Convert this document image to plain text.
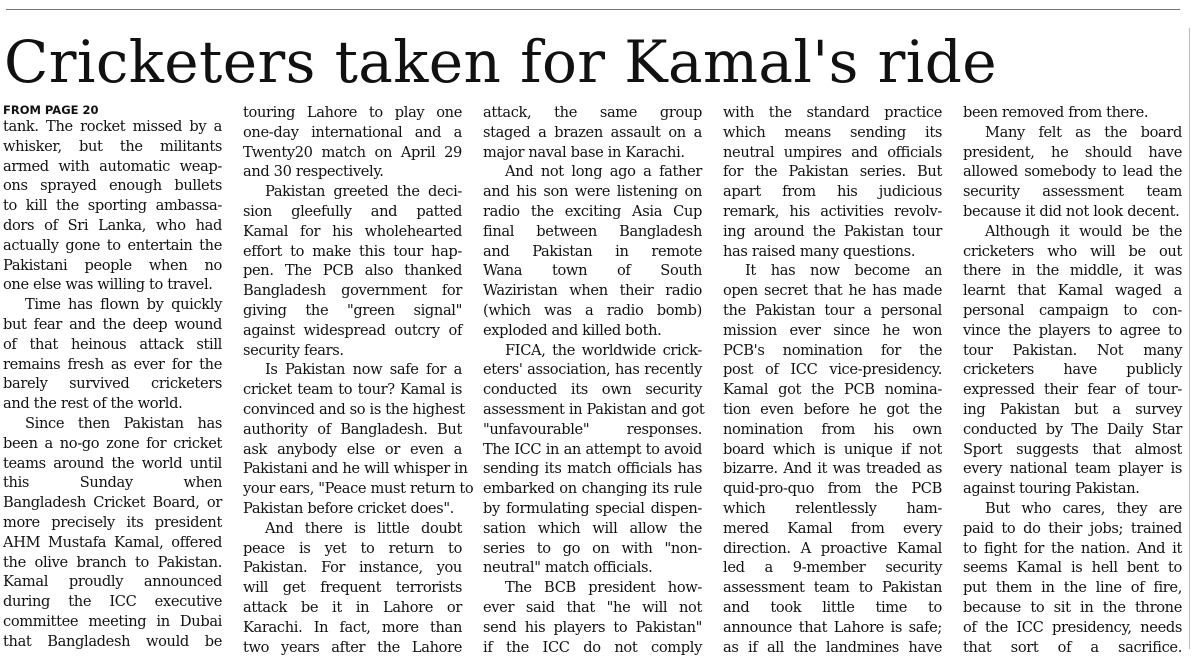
Cricketers taken for Kamal's ride
FROM PAGE 20
tank. The rocket missed by a
whisker, but the militants
armed with automatic weap-
ons sprayed enough bullets
to kill the sporting ambassa-
dors of Sri Lanka, who had
actually gone to entertain the
Pakistani people when no
one else was willing to travel.
Time has flown by quickly
but fear and the deep wound
of that heinous attack still
remains fresh as ever for the
barely survived cricketers
and the rest of the world.
Since then Pakistan has
been a no-go zone for cricket
teams around the world until
this Sunday when
Bangladesh Cricket Board, or
more precisely its president
AHM Mustafa Kamal, offered
the olive branch to Pakistan.
Kamal proudly announced
during the ICC executive
committee meeting in Dubai
that Bangladesh would be
touring Lahore to play one
one-day international and a
Twenty20 match on April 29
and 30 respectively.
Pakistan greeted the deci-
sion gleefully and patted
Kamal for his wholehearted
effort to make this tour hap-
pen. The PCB also thanked
Bangladesh government for
giving the "green signal"
against widespread outcry of
security fears.
Is Pakistan now safe for a
cricket team to tour? Kamal is
convinced and so is the highest
authority of Bangladesh. But
ask anybody else or even a
Pakistani and he will whisper in
your ears, "Peace must return to
Pakistan before cricket does".
And there is little doubt
peace is yet to return to
Pakistan. For instance, you
will get frequent terrorists
attack be it in Lahore or
Karachi. In fact, more than
two years after the Lahore
attack, the same group
staged a brazen assault on a
major naval base in Karachi.
And not long ago a father
and his son were listening on
radio the exciting Asia Cup
final between Bangladesh
and Pakistan in remote
Wana town of South
Waziristan when their radio
(which was a radio bomb)
exploded and killed both.
FICA, the worldwide crick-
eters' association, has recently
conducted its own security
assessment in Pakistan and got
"unfavourable" responses.
The ICC in an attempt to avoid
sending its match officials has
embarked on changing its rule
by formulating special dispen-
sation which will allow the
series to go on with "non-
neutral" match officials.
The BCB president how-
ever said that "he will not
send his players to Pakistan"
if the ICC do not comply
with the standard practice
which means sending its
neutral umpires and officials
for the Pakistan series. But
apart from his judicious
remark, his activities revolv-
ing around the Pakistan tour
has raised many questions.
It has now become an
open secret that he has made
the Pakistan tour a personal
mission ever since he won
PCB's nomination for the
post of ICC vice-presidency.
Kamal got the PCB nomina-
tion even before he got the
nomination from his own
board which is unique if not
bizarre. And it was treaded as
quid-pro-quo from the PCB
which relentlessly ham-
mered Kamal from every
direction. A proactive Kamal
led a 9-member security
assessment team to Pakistan
and took little time to
announce that Lahore is safe;
as if all the landmines have
been removed from there.
Many felt as the board
president, he should have
allowed somebody to lead the
security assessment team
because it did not look decent.
Although it would be the
cricketers who will be out
there in the middle, it was
learnt that Kamal waged a
personal campaign to con-
vince the players to agree to
tour Pakistan. Not many
cricketers have publicly
expressed their fear of tour-
ing Pakistan but a survey
conducted by The Daily Star
Sport suggests that almost
every national team player is
against touring Pakistan.
But who cares, they are
paid to do their jobs; trained
to fight for the nation. And it
seems Kamal is hell bent to
put them in the line of fire,
because to sit in the throne
of the ICC presidency, needs
that sort of a sacrifice.
